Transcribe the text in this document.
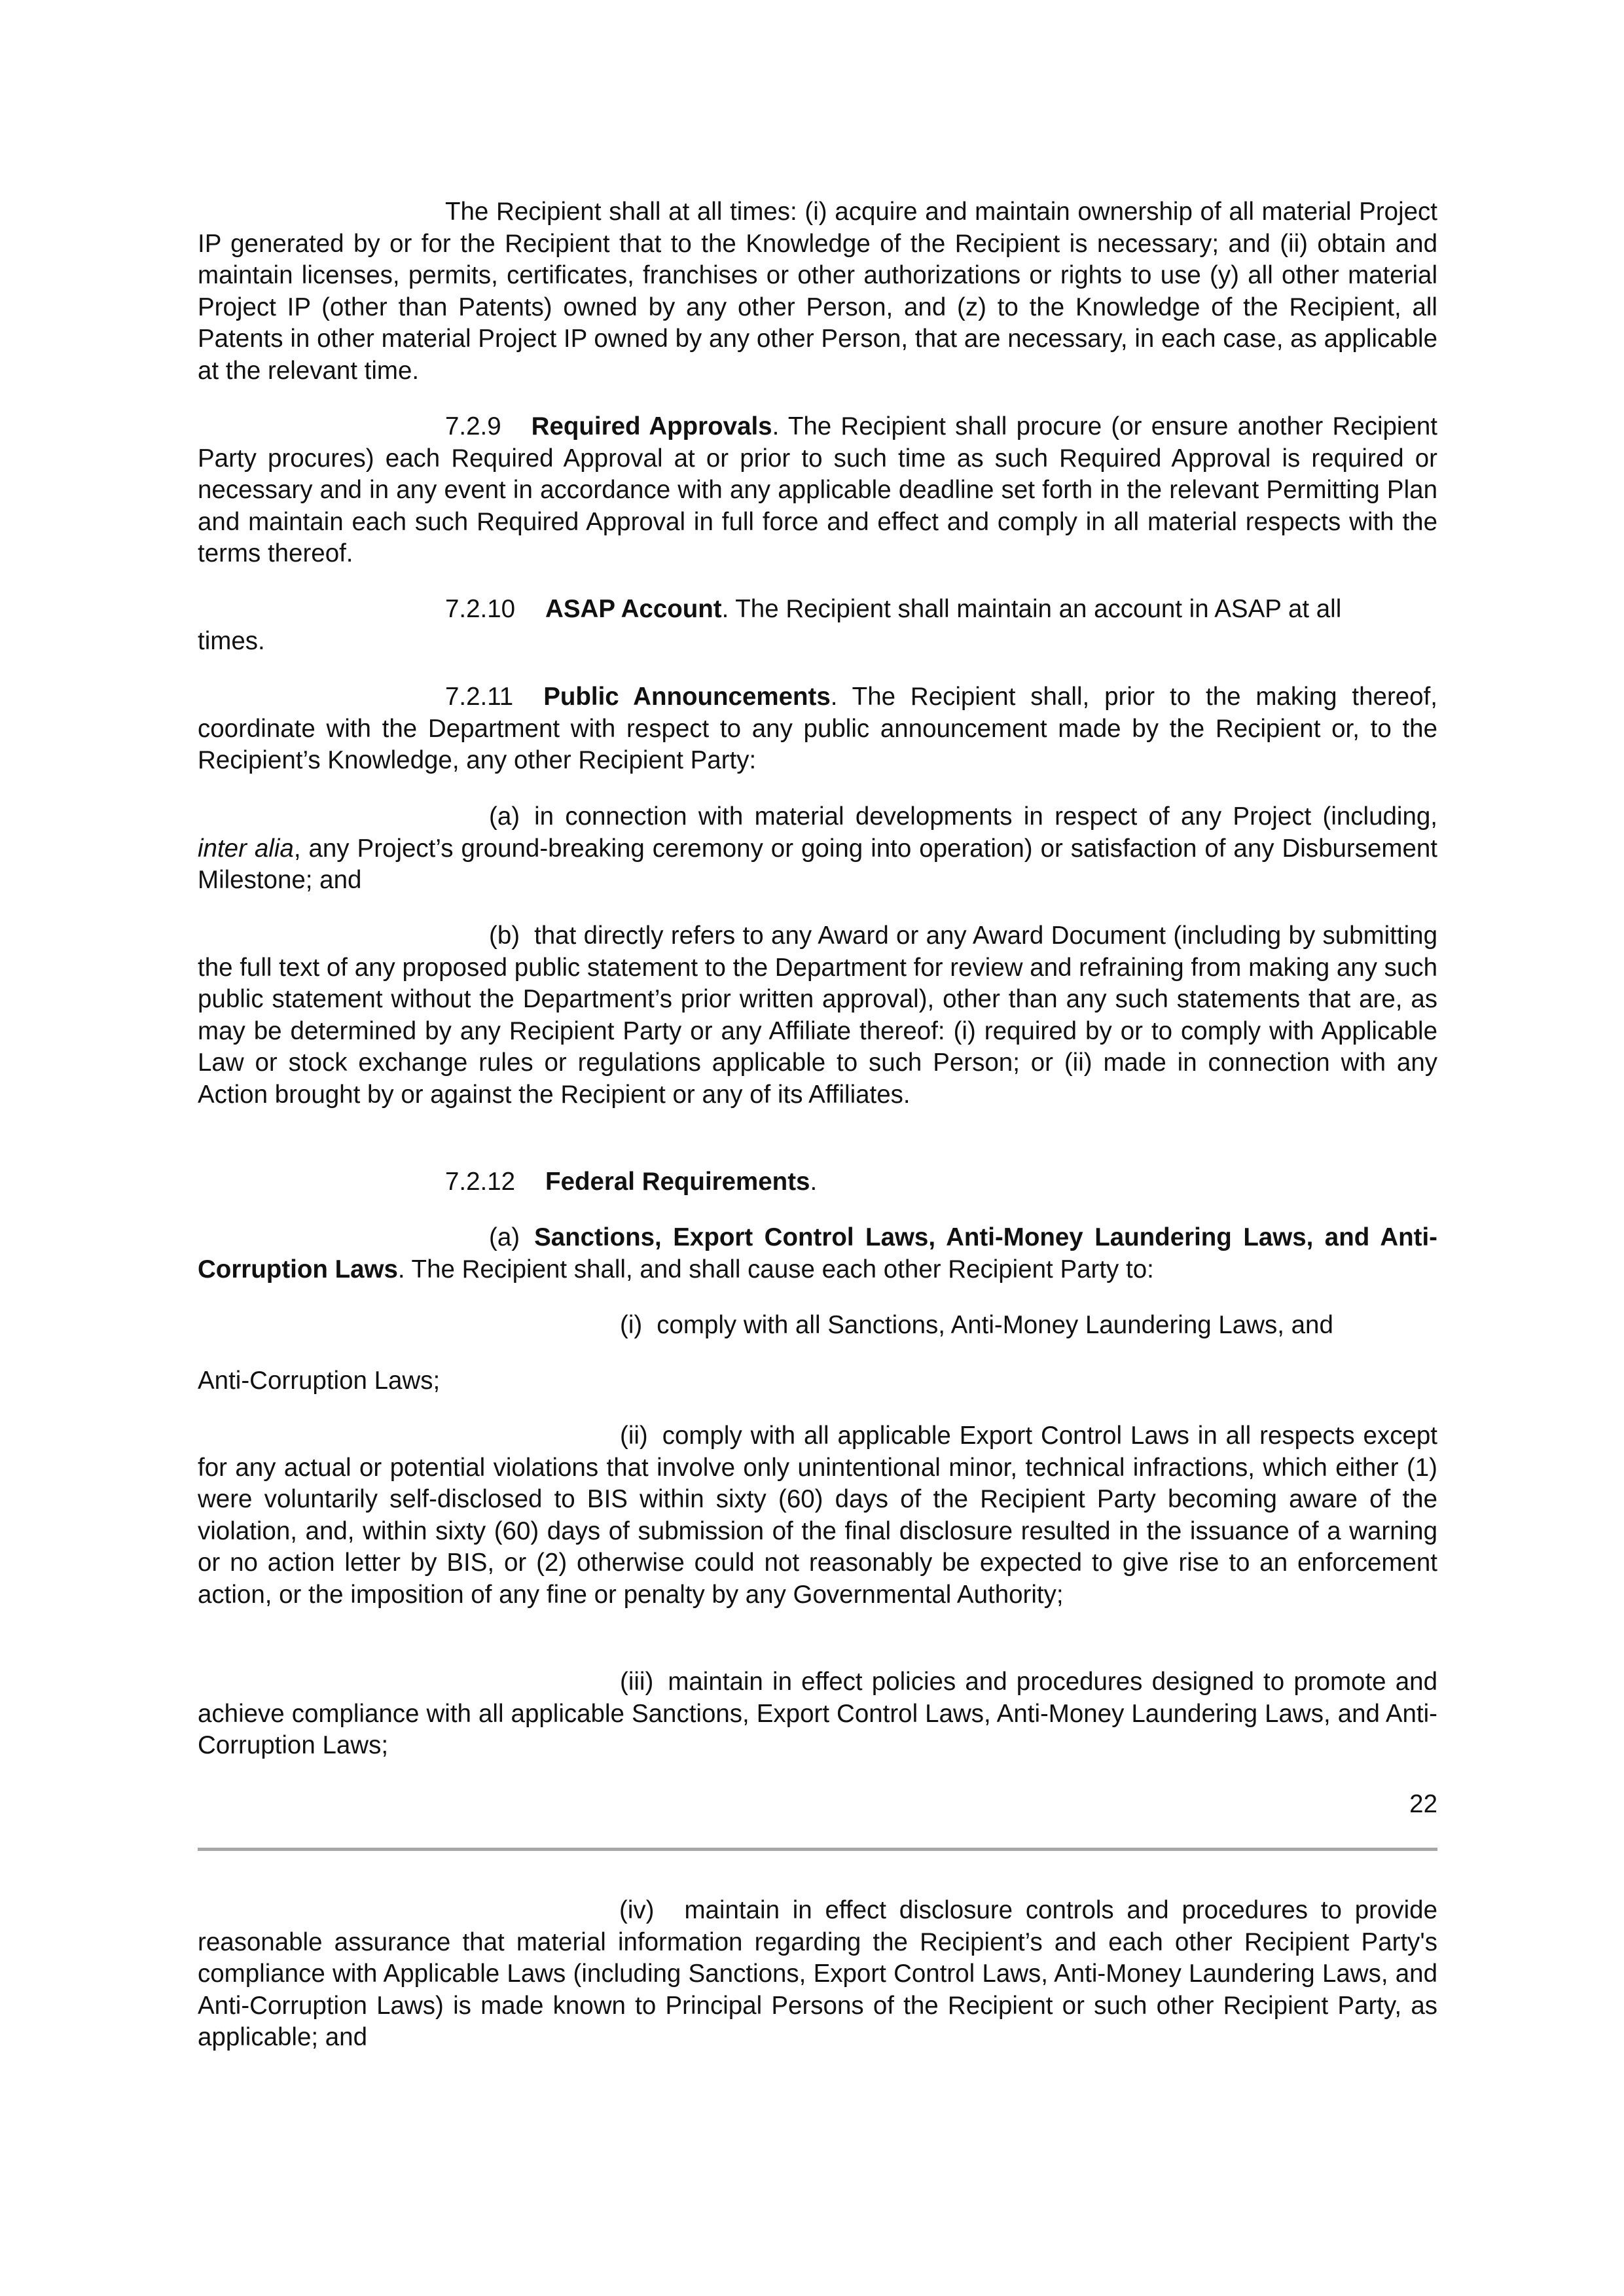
The Recipient shall at all times: (i) acquire and maintain ownership of all material Project IP generated by or for the Recipient that to the Knowledge of the Recipient is necessary; and (ii) obtain and maintain licenses, permits, certificates, franchises or other authorizations or rights to use (y) all other material Project IP (other than Patents) owned by any other Person, and (z) to the Knowledge of the Recipient, all Patents in other material Project IP owned by any other Person, that are necessary, in each case, as applicable at the relevant time.
7.2.9 Required Approvals. The Recipient shall procure (or ensure another Recipient Party procures) each Required Approval at or prior to such time as such Required Approval is required or necessary and in any event in accordance with any applicable deadline set forth in the relevant Permitting Plan and maintain each such Required Approval in full force and effect and comply in all material respects with the terms thereof.
7.2.10 ASAP Account. The Recipient shall maintain an account in ASAP at all
times.
7.2.11 Public Announcements. The Recipient shall, prior to the making thereof, coordinate with the Department with respect to any public announcement made by the Recipient or, to the Recipient’s Knowledge, any other Recipient Party:
(a) in connection with material developments in respect of any Project (including, inter alia, any Project’s ground-breaking ceremony or going into operation) or satisfaction of any Disbursement Milestone; and
(b) that directly refers to any Award or any Award Document (including by submitting the full text of any proposed public statement to the Department for review and refraining from making any such public statement without the Department’s prior written approval), other than any such statements that are, as may be determined by any Recipient Party or any Affiliate thereof: (i) required by or to comply with Applicable Law or stock exchange rules or regulations applicable to such Person; or (ii) made in connection with any Action brought by or against the Recipient or any of its Affiliates.
7.2.12 Federal Requirements.
(a) Sanctions, Export Control Laws, Anti-Money Laundering Laws, and Anti- Corruption Laws. The Recipient shall, and shall cause each other Recipient Party to:
(i) comply with all Sanctions, Anti-Money Laundering Laws, and
Anti-Corruption Laws;
(ii) comply with all applicable Export Control Laws in all respects except for any actual or potential violations that involve only unintentional minor, technical infractions, which either (1) were voluntarily self-disclosed to BIS within sixty (60) days of the Recipient Party becoming aware of the violation, and, within sixty (60) days of submission of the final disclosure resulted in the issuance of a warning or no action letter by BIS, or (2) otherwise could not reasonably be expected to give rise to an enforcement action, or the imposition of any fine or penalty by any Governmental Authority;
(iii) maintain in effect policies and procedures designed to promote and achieve compliance with all applicable Sanctions, Export Control Laws, Anti-Money Laundering Laws, and Anti-Corruption Laws;
22
(iv) maintain in effect disclosure controls and procedures to provide reasonable assurance that material information regarding the Recipient’s and each other Recipient Party's compliance with Applicable Laws (including Sanctions, Export Control Laws, Anti-Money Laundering Laws, and Anti-Corruption Laws) is made known to Principal Persons of the Recipient or such other Recipient Party, as applicable; and
